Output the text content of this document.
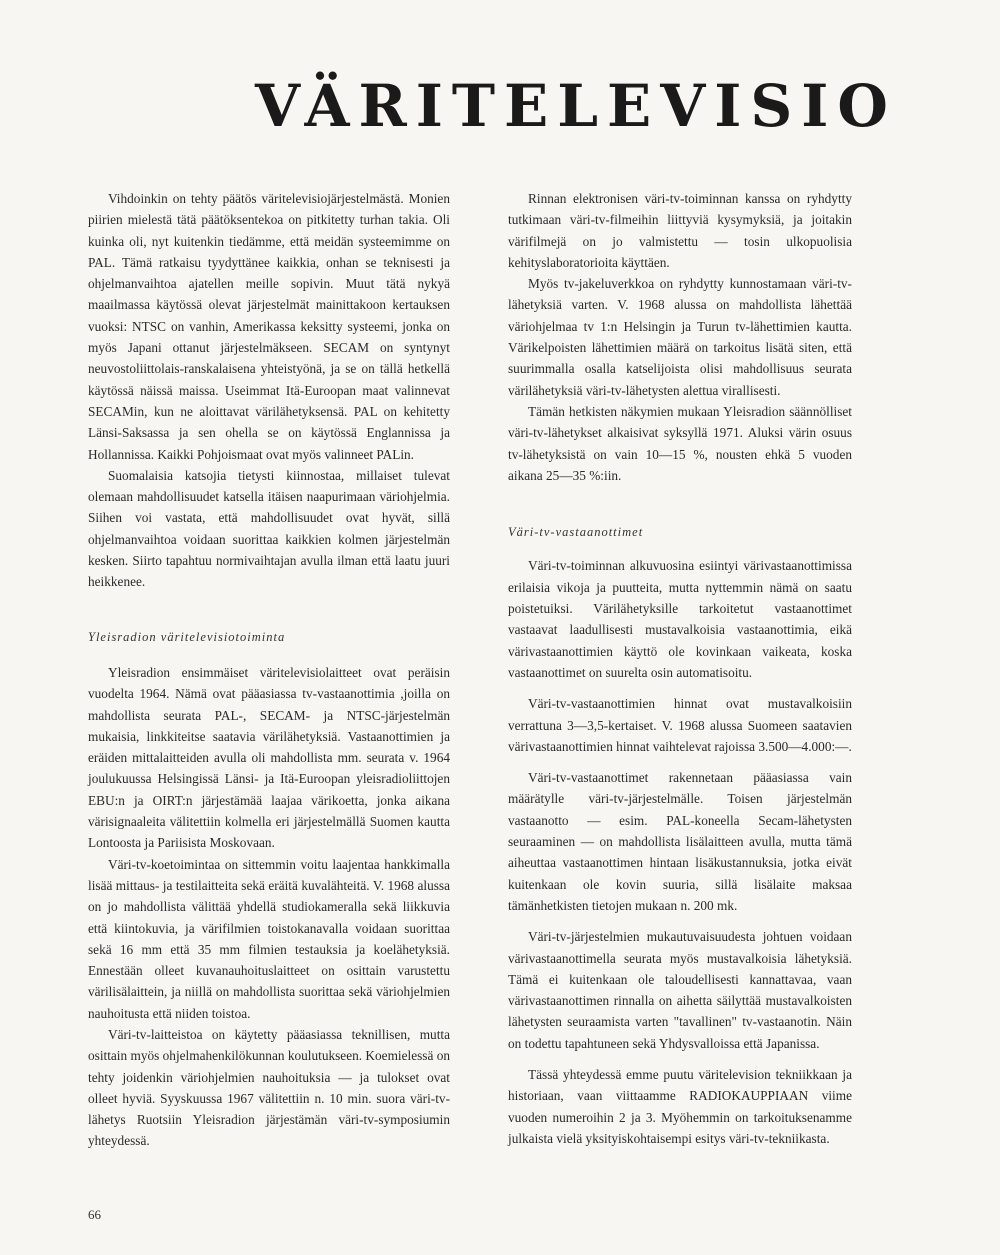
VÄRITELEVISIO

Vihdoinkin on tehty päätös väritelevisiojärjestelmästä. Monien piirien mielestä tätä päätöksentekoa on pitkitetty turhan takia. Oli kuinka oli, nyt kuitenkin tiedämme, että meidän systeemimme on PAL. Tämä ratkaisu tyydyttänee kaikkia, onhan se teknisesti ja ohjelmanvaihtoa ajatellen meille sopivin. Muut tätä nykyä maailmassa käytössä olevat järjestelmät mainittakoon kertauksen vuoksi: NTSC on vanhin, Amerikassa keksitty systeemi, jonka on myös Japani ottanut järjestelmäkseen. SECAM on syntynyt neuvostoliittolais-ranskalaisena yhteistyönä, ja se on tällä hetkellä käytössä näissä maissa. Useimmat Itä-Euroopan maat valinnevat SECAMin, kun ne aloittavat värilähetyksensä. PAL on kehitetty Länsi-Saksassa ja sen ohella se on käytössä Englannissa ja Hollannissa. Kaikki Pohjoismaat ovat myös valinneet PALin.

Suomalaisia katsojia tietysti kiinnostaa, millaiset tulevat olemaan mahdollisuudet katsella itäisen naapurimaan väriohjelmia. Siihen voi vastata, että mahdollisuudet ovat hyvät, sillä ohjelmanvaihtoa voidaan suorittaa kaikkien kolmen järjestelmän kesken. Siirto tapahtuu normivaihtajan avulla ilman että laatu juuri heikkenee.

Yleisradion väritelevisiotoiminta

Yleisradion ensimmäiset väritelevisiolaitteet ovat peräisin vuodelta 1964. Nämä ovat pääasiassa tv-vastaanottimia ,joilla on mahdollista seurata PAL-, SECAM- ja NTSC-järjestelmän mukaisia, linkkiteitse saatavia värilähetyksiä. Vastaanottimien ja eräiden mittalaitteiden avulla oli mahdollista mm. seurata v. 1964 joulukuussa Helsingissä Länsi- ja Itä-Euroopan yleisradioliittojen EBU:n ja OIRT:n järjestämää laajaa värikoetta, jonka aikana värisignaaleita välitettiin kolmella eri järjestelmällä Suomen kautta Lontoosta ja Pariisista Moskovaan.

Väri-tv-koetoimintaa on sittemmin voitu laajentaa hankkimalla lisää mittaus- ja testilaitteita sekä eräitä kuvalähteitä. V. 1968 alussa on jo mahdollista välittää yhdellä studiokameralla sekä liikkuvia että kiintokuvia, ja värifilmien toistokanavalla voidaan suorittaa sekä 16 mm että 35 mm filmien testauksia ja koelähetyksiä. Ennestään olleet kuvanauhoituslaitteet on osittain varustettu värilisälaittein, ja niillä on mahdollista suorittaa sekä väriohjelmien nauhoitusta että niiden toistoa.

Väri-tv-laitteistoa on käytetty pääasiassa teknillisen, mutta osittain myös ohjelmahenkilökunnan koulutukseen. Koemielessä on tehty joidenkin väriohjelmien nauhoituksia — ja tulokset ovat olleet hyviä. Syyskuussa 1967 välitettiin n. 10 min. suora väri-tv-lähetys Ruotsiin Yleisradion järjestämän väri-tv-symposiumin yhteydessä.

Rinnan elektronisen väri-tv-toiminnan kanssa on ryhdytty tutkimaan väri-tv-filmeihin liittyviä kysymyksiä, ja joitakin värifilmejä on jo valmistettu — tosin ulkopuolisia kehityslaboratorioita käyttäen.

Myös tv-jakeluverkkoa on ryhdytty kunnostamaan väri-tv-lähetyksiä varten. V. 1968 alussa on mahdollista lähettää väriohjelmaa tv 1:n Helsingin ja Turun tv-lähettimien kautta. Värikelpoisten lähettimien määrä on tarkoitus lisätä siten, että suurimmalla osalla katselijoista olisi mahdollisuus seurata värilähetyksiä väri-tv-lähetysten alettua virallisesti.

Tämän hetkisten näkymien mukaan Yleisradion säännölliset väri-tv-lähetykset alkaisivat syksyllä 1971. Aluksi värin osuus tv-lähetyksistä on vain 10—15 %, nousten ehkä 5 vuoden aikana 25—35 %:iin.

Väri-tv-vastaanottimet

Väri-tv-toiminnan alkuvuosina esiintyi värivastaanottimissa erilaisia vikoja ja puutteita, mutta nyttemmin nämä on saatu poistetuiksi. Värilähetyksille tarkoitetut vastaanottimet vastaavat laadullisesti mustavalkoisia vastaanottimia, eikä värivastaanottimien käyttö ole kovinkaan vaikeata, koska vastaanottimet on suurelta osin automatisoitu.

Väri-tv-vastaanottimien hinnat ovat mustavalkoisiin verrattuna 3—3,5-kertaiset. V. 1968 alussa Suomeen saatavien värivastaanottimien hinnat vaihtelevat rajoissa 3.500—4.000:—.

Väri-tv-vastaanottimet rakennetaan pääasiassa vain määrätylle väri-tv-järjestelmälle. Toisen järjestelmän vastaanotto — esim. PAL-koneella Secam-lähetysten seuraaminen — on mahdollista lisälaitteen avulla, mutta tämä aiheuttaa vastaanottimen hintaan lisäkustannuksia, jotka eivät kuitenkaan ole kovin suuria, sillä lisälaite maksaa tämänhetkisten tietojen mukaan n. 200 mk.

Väri-tv-järjestelmien mukautuvaisuudesta johtuen voidaan värivastaanottimella seurata myös mustavalkoisia lähetyksiä. Tämä ei kuitenkaan ole taloudellisesti kannattavaa, vaan värivastaanottimen rinnalla on aihetta säilyttää mustavalkoisten lähetysten seuraamista varten "tavallinen" tv-vastaanotin. Näin on todettu tapahtuneen sekä Yhdysvalloissa että Japanissa.

Tässä yhteydessä emme puutu väritelevision tekniikkaan ja historiaan, vaan viittaamme RADIOKAUPPIAAN viime vuoden numeroihin 2 ja 3. Myöhemmin on tarkoituksenamme julkaista vielä yksityiskohtaisempi esitys väri-tv-tekniikasta.

66
